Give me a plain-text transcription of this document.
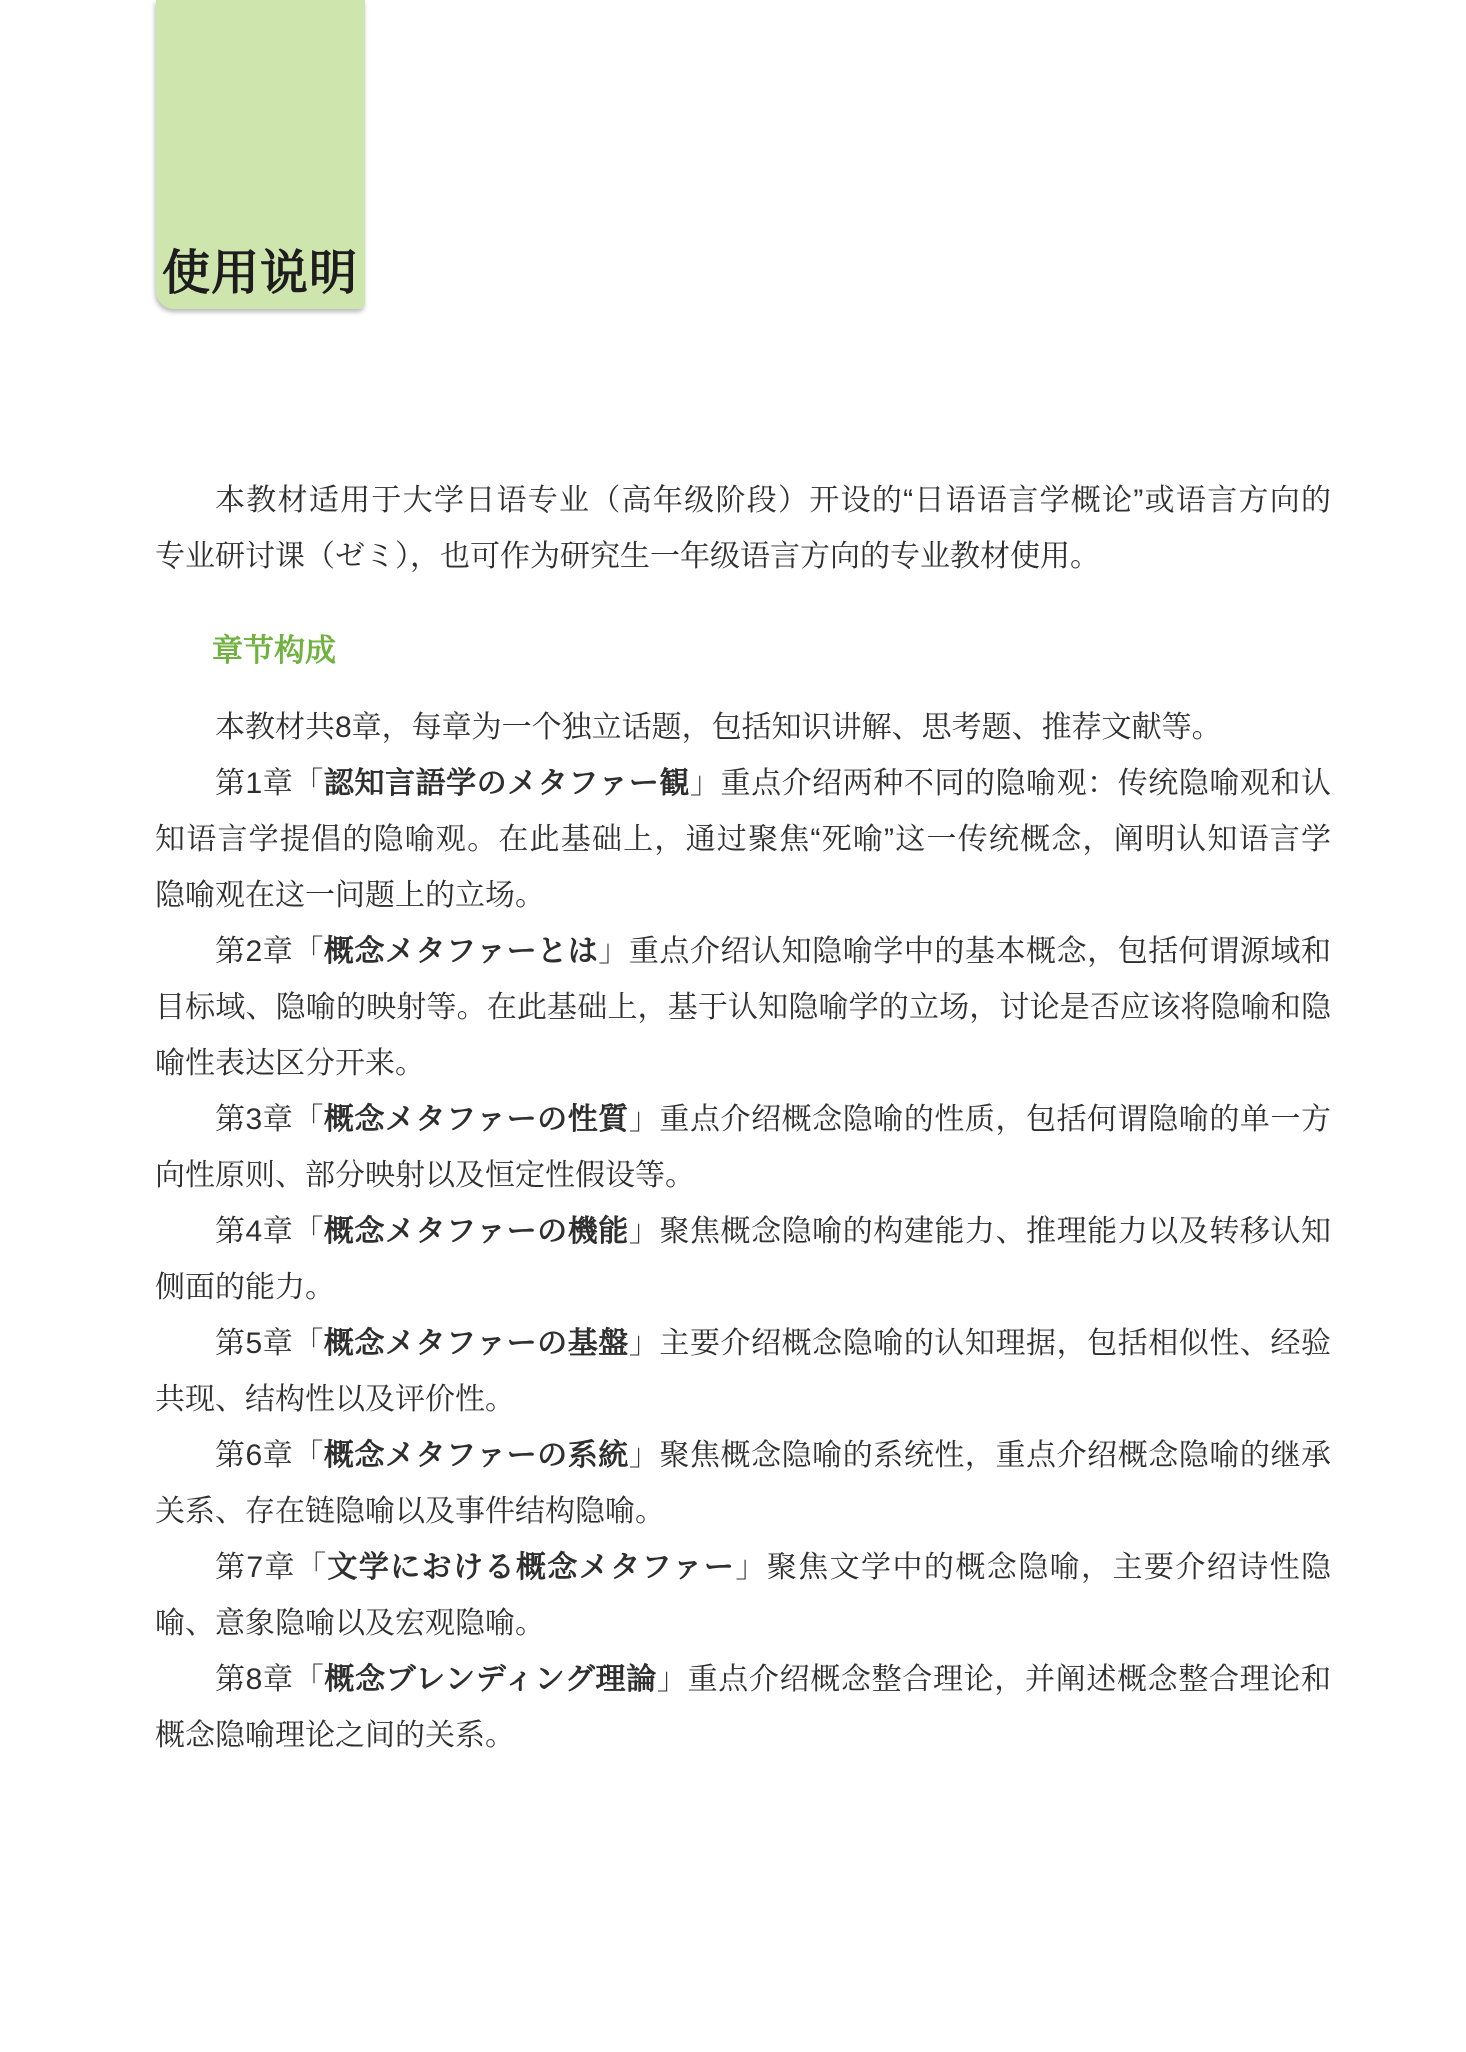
使用说明
本教材适用于大学日语专业（高年级阶段）开设的“日语语言学概论”或语言方向的
专业研讨课（ゼミ），也可作为研究生一年级语言方向的专业教材使用。
章节构成
本教材共8章，每章为一个独立话题，包括知识讲解、思考题、推荐文献等。
第1章「認知言語学のメタファー観」重点介绍两种不同的隐喻观：传统隐喻观和认
知语言学提倡的隐喻观。在此基础上，通过聚焦“死喻”这一传统概念，阐明认知语言学
隐喻观在这一问题上的立场。
第2章「概念メタファーとは」重点介绍认知隐喻学中的基本概念，包括何谓源域和
目标域、隐喻的映射等。在此基础上，基于认知隐喻学的立场，讨论是否应该将隐喻和隐
喻性表达区分开来。
第3章「概念メタファーの性質」重点介绍概念隐喻的性质，包括何谓隐喻的单一方
向性原则、部分映射以及恒定性假设等。
第4章「概念メタファーの機能」聚焦概念隐喻的构建能力、推理能力以及转移认知
侧面的能力。
第5章「概念メタファーの基盤」主要介绍概念隐喻的认知理据，包括相似性、经验
共现、结构性以及评价性。
第6章「概念メタファーの系統」聚焦概念隐喻的系统性，重点介绍概念隐喻的继承
关系、存在链隐喻以及事件结构隐喻。
第7章「文学における概念メタファー」聚焦文学中的概念隐喻，主要介绍诗性隐
喻、意象隐喻以及宏观隐喻。
第8章「概念ブレンディング理論」重点介绍概念整合理论，并阐述概念整合理论和
概念隐喻理论之间的关系。
